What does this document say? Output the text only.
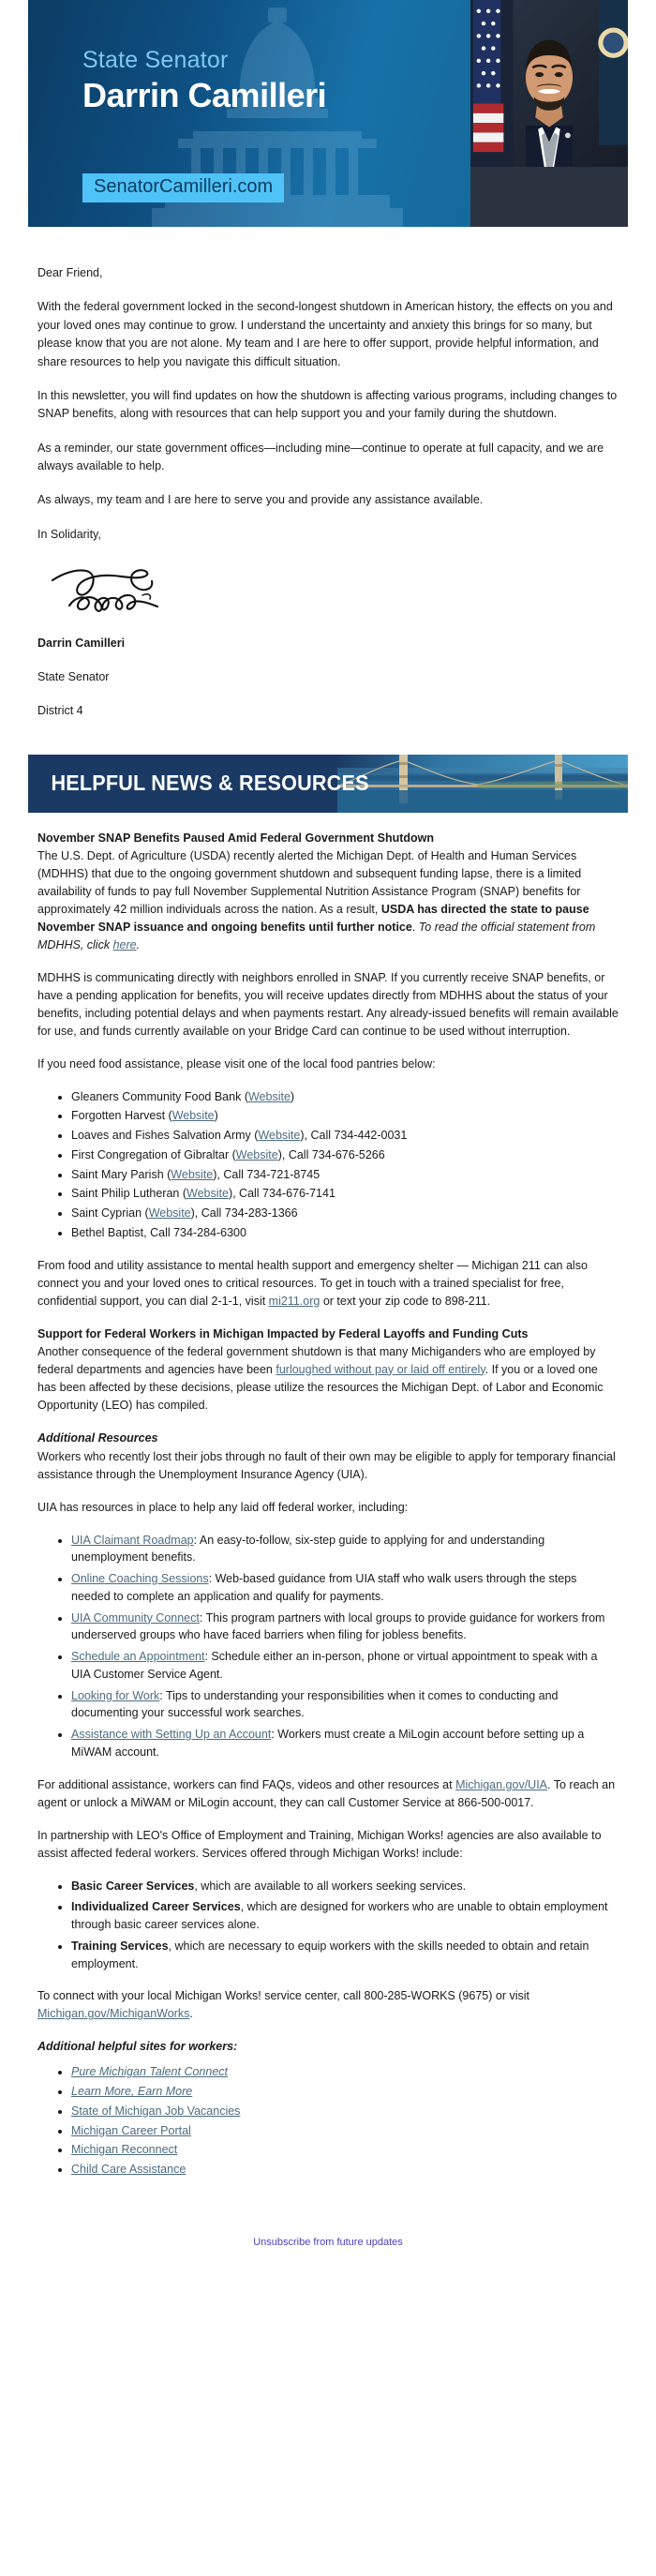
State Senator
Darrin Camilleri
SenatorCamilleri.com

Dear Friend,

With the federal government locked in the second-longest shutdown in American history, the effects on you and your loved ones may continue to grow. I understand the uncertainty and anxiety this brings for so many, but please know that you are not alone. My team and I are here to offer support, provide helpful information, and share resources to help you navigate this difficult situation.

In this newsletter, you will find updates on how the shutdown is affecting various programs, including changes to SNAP benefits, along with resources that can help support you and your family during the shutdown.

As a reminder, our state government offices—including mine—continue to operate at full capacity, and we are always available to help.

As always, my team and I are here to serve you and provide any assistance available.

In Solidarity,

Darrin Camilleri

State Senator

District 4

HELPFUL NEWS & RESOURCES

November SNAP Benefits Paused Amid Federal Government Shutdown
The U.S. Dept. of Agriculture (USDA) recently alerted the Michigan Dept. of Health and Human Services (MDHHS) that due to the ongoing government shutdown and subsequent funding lapse, there is a limited availability of funds to pay full November Supplemental Nutrition Assistance Program (SNAP) benefits for approximately 42 million individuals across the nation. As a result, USDA has directed the state to pause November SNAP issuance and ongoing benefits until further notice. To read the official statement from MDHHS, click here.

MDHHS is communicating directly with neighbors enrolled in SNAP. If you currently receive SNAP benefits, or have a pending application for benefits, you will receive updates directly from MDHHS about the status of your benefits, including potential delays and when payments restart. Any already-issued benefits will remain available for use, and funds currently available on your Bridge Card can continue to be used without interruption.

If you need food assistance, please visit one of the local food pantries below:

• Gleaners Community Food Bank (Website)
• Forgotten Harvest (Website)
• Loaves and Fishes Salvation Army (Website), Call 734-442-0031
• First Congregation of Gibraltar (Website), Call 734-676-5266
• Saint Mary Parish (Website), Call 734-721-8745
• Saint Philip Lutheran (Website), Call 734-676-7141
• Saint Cyprian (Website), Call 734-283-1366
• Bethel Baptist, Call 734-284-6300

From food and utility assistance to mental health support and emergency shelter — Michigan 211 can also connect you and your loved ones to critical resources. To get in touch with a trained specialist for free, confidential support, you can dial 2-1-1, visit mi211.org or text your zip code to 898-211.

Support for Federal Workers in Michigan Impacted by Federal Layoffs and Funding Cuts
Another consequence of the federal government shutdown is that many Michiganders who are employed by federal departments and agencies have been furloughed without pay or laid off entirely. If you or a loved one has been affected by these decisions, please utilize the resources the Michigan Dept. of Labor and Economic Opportunity (LEO) has compiled.

Additional Resources
Workers who recently lost their jobs through no fault of their own may be eligible to apply for temporary financial assistance through the Unemployment Insurance Agency (UIA).

UIA has resources in place to help any laid off federal worker, including:

• UIA Claimant Roadmap: An easy-to-follow, six-step guide to applying for and understanding unemployment benefits.
• Online Coaching Sessions: Web-based guidance from UIA staff who walk users through the steps needed to complete an application and qualify for payments.
• UIA Community Connect: This program partners with local groups to provide guidance for workers from underserved groups who have faced barriers when filing for jobless benefits.
• Schedule an Appointment: Schedule either an in-person, phone or virtual appointment to speak with a UIA Customer Service Agent.
• Looking for Work: Tips to understanding your responsibilities when it comes to conducting and documenting your successful work searches.
• Assistance with Setting Up an Account: Workers must create a MiLogin account before setting up a MiWAM account.

For additional assistance, workers can find FAQs, videos and other resources at Michigan.gov/UIA. To reach an agent or unlock a MiWAM or MiLogin account, they can call Customer Service at 866-500-0017.

In partnership with LEO's Office of Employment and Training, Michigan Works! agencies are also available to assist affected federal workers. Services offered through Michigan Works! include:

• Basic Career Services, which are available to all workers seeking services.
• Individualized Career Services, which are designed for workers who are unable to obtain employment through basic career services alone.
• Training Services, which are necessary to equip workers with the skills needed to obtain and retain employment.

To connect with your local Michigan Works! service center, call 800-285-WORKS (9675) or visit Michigan.gov/MichiganWorks.

Additional helpful sites for workers:

• Pure Michigan Talent Connect
• Learn More, Earn More
• State of Michigan Job Vacancies
• Michigan Career Portal
• Michigan Reconnect
• Child Care Assistance
Unsubscribe from future updates
